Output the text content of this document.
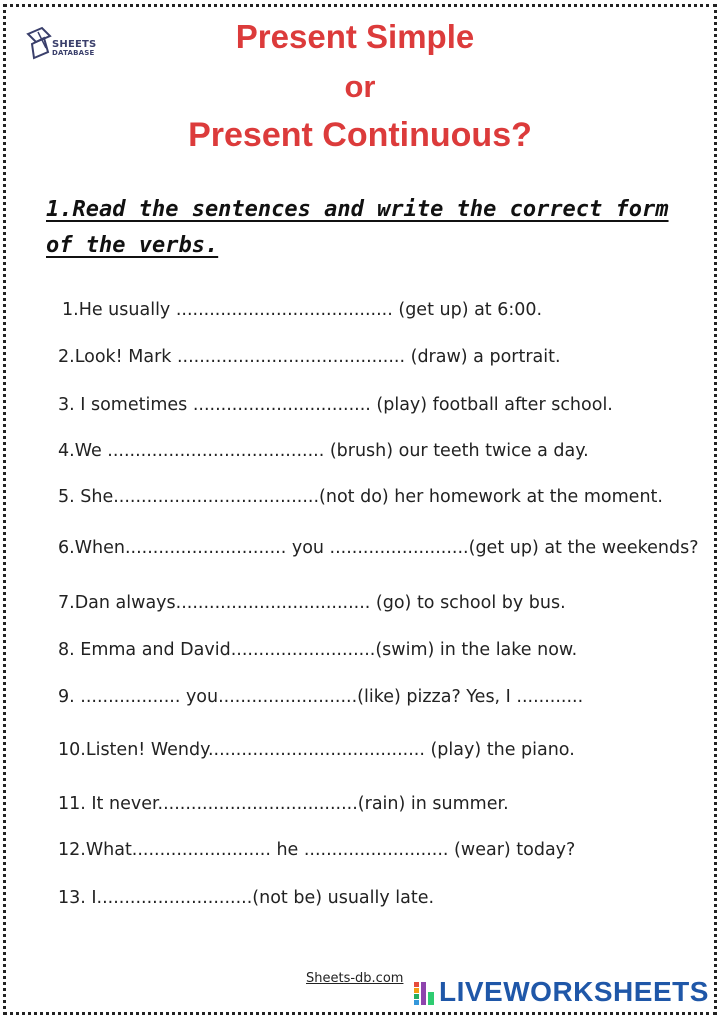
SHEETS
DATABASE	Present Simple
or
Present Continuous?
1.Read the sentences and write the correct form of the verbs.
1.He usually ....................................... (get up) at 6:00.
2.Look! Mark ......................................... (draw) a portrait.
3. I sometimes ................................ (play) football after school.
4.We ....................................... (brush) our teeth twice a day.
5. She.....................................(not do) her homework at the moment.
6.When............................. you .........................(get up) at the weekends?
7.Dan always................................... (go) to school by bus.
8. Emma and David..........................(swim) in the lake now.
9. .................. you.........................(like) pizza? Yes, I ............
10.Listen! Wendy....................................... (play) the piano.
11. It never....................................(rain) in summer.
12.What......................... he .......................... (wear) today?
13. I............................(not be) usually late.
Sheets-db.com LIVEWORKSHEETS
